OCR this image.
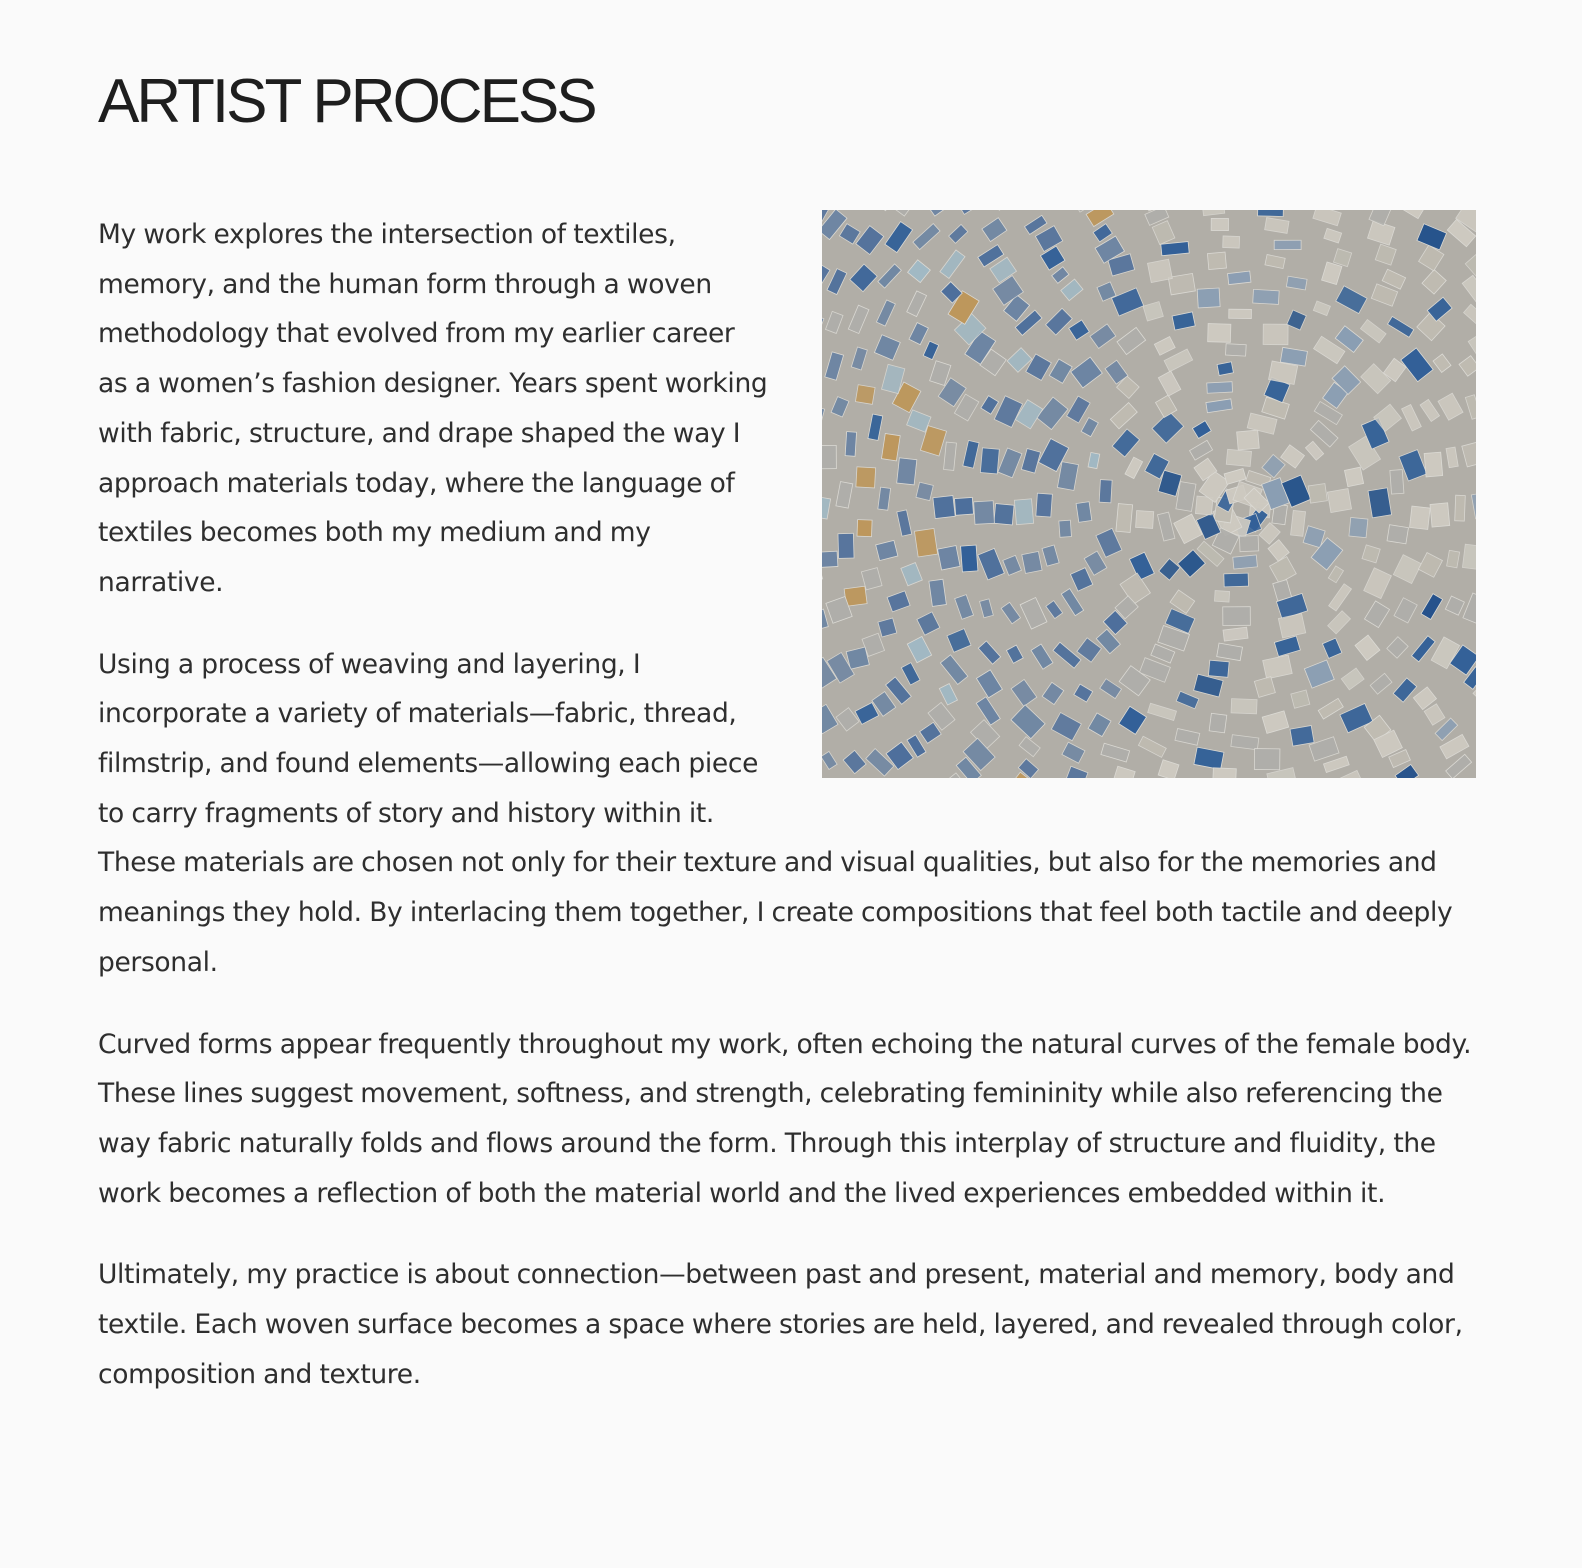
ARTIST PROCESS

My work explores the intersection of textiles, memory, and the human form through a woven methodology that evolved from my earlier career as a women’s fashion designer. Years spent working with fabric, structure, and drape shaped the way I approach materials today, where the language of textiles becomes both my medium and my narrative.

Using a process of weaving and layering, I incorporate a variety of materials—fabric, thread, filmstrip, and found elements—allowing each piece to carry fragments of story and history within it. These materials are chosen not only for their texture and visual qualities, but also for the memories and meanings they hold. By interlacing them together, I create compositions that feel both tactile and deeply personal.

Curved forms appear frequently throughout my work, often echoing the natural curves of the female body. These lines suggest movement, softness, and strength, celebrating femininity while also referencing the way fabric naturally folds and flows around the form. Through this interplay of structure and fluidity, the work becomes a reflection of both the material world and the lived experiences embedded within it.

Ultimately, my practice is about connection—between past and present, material and memory, body and textile. Each woven surface becomes a space where stories are held, layered, and revealed through color, composition and texture.
